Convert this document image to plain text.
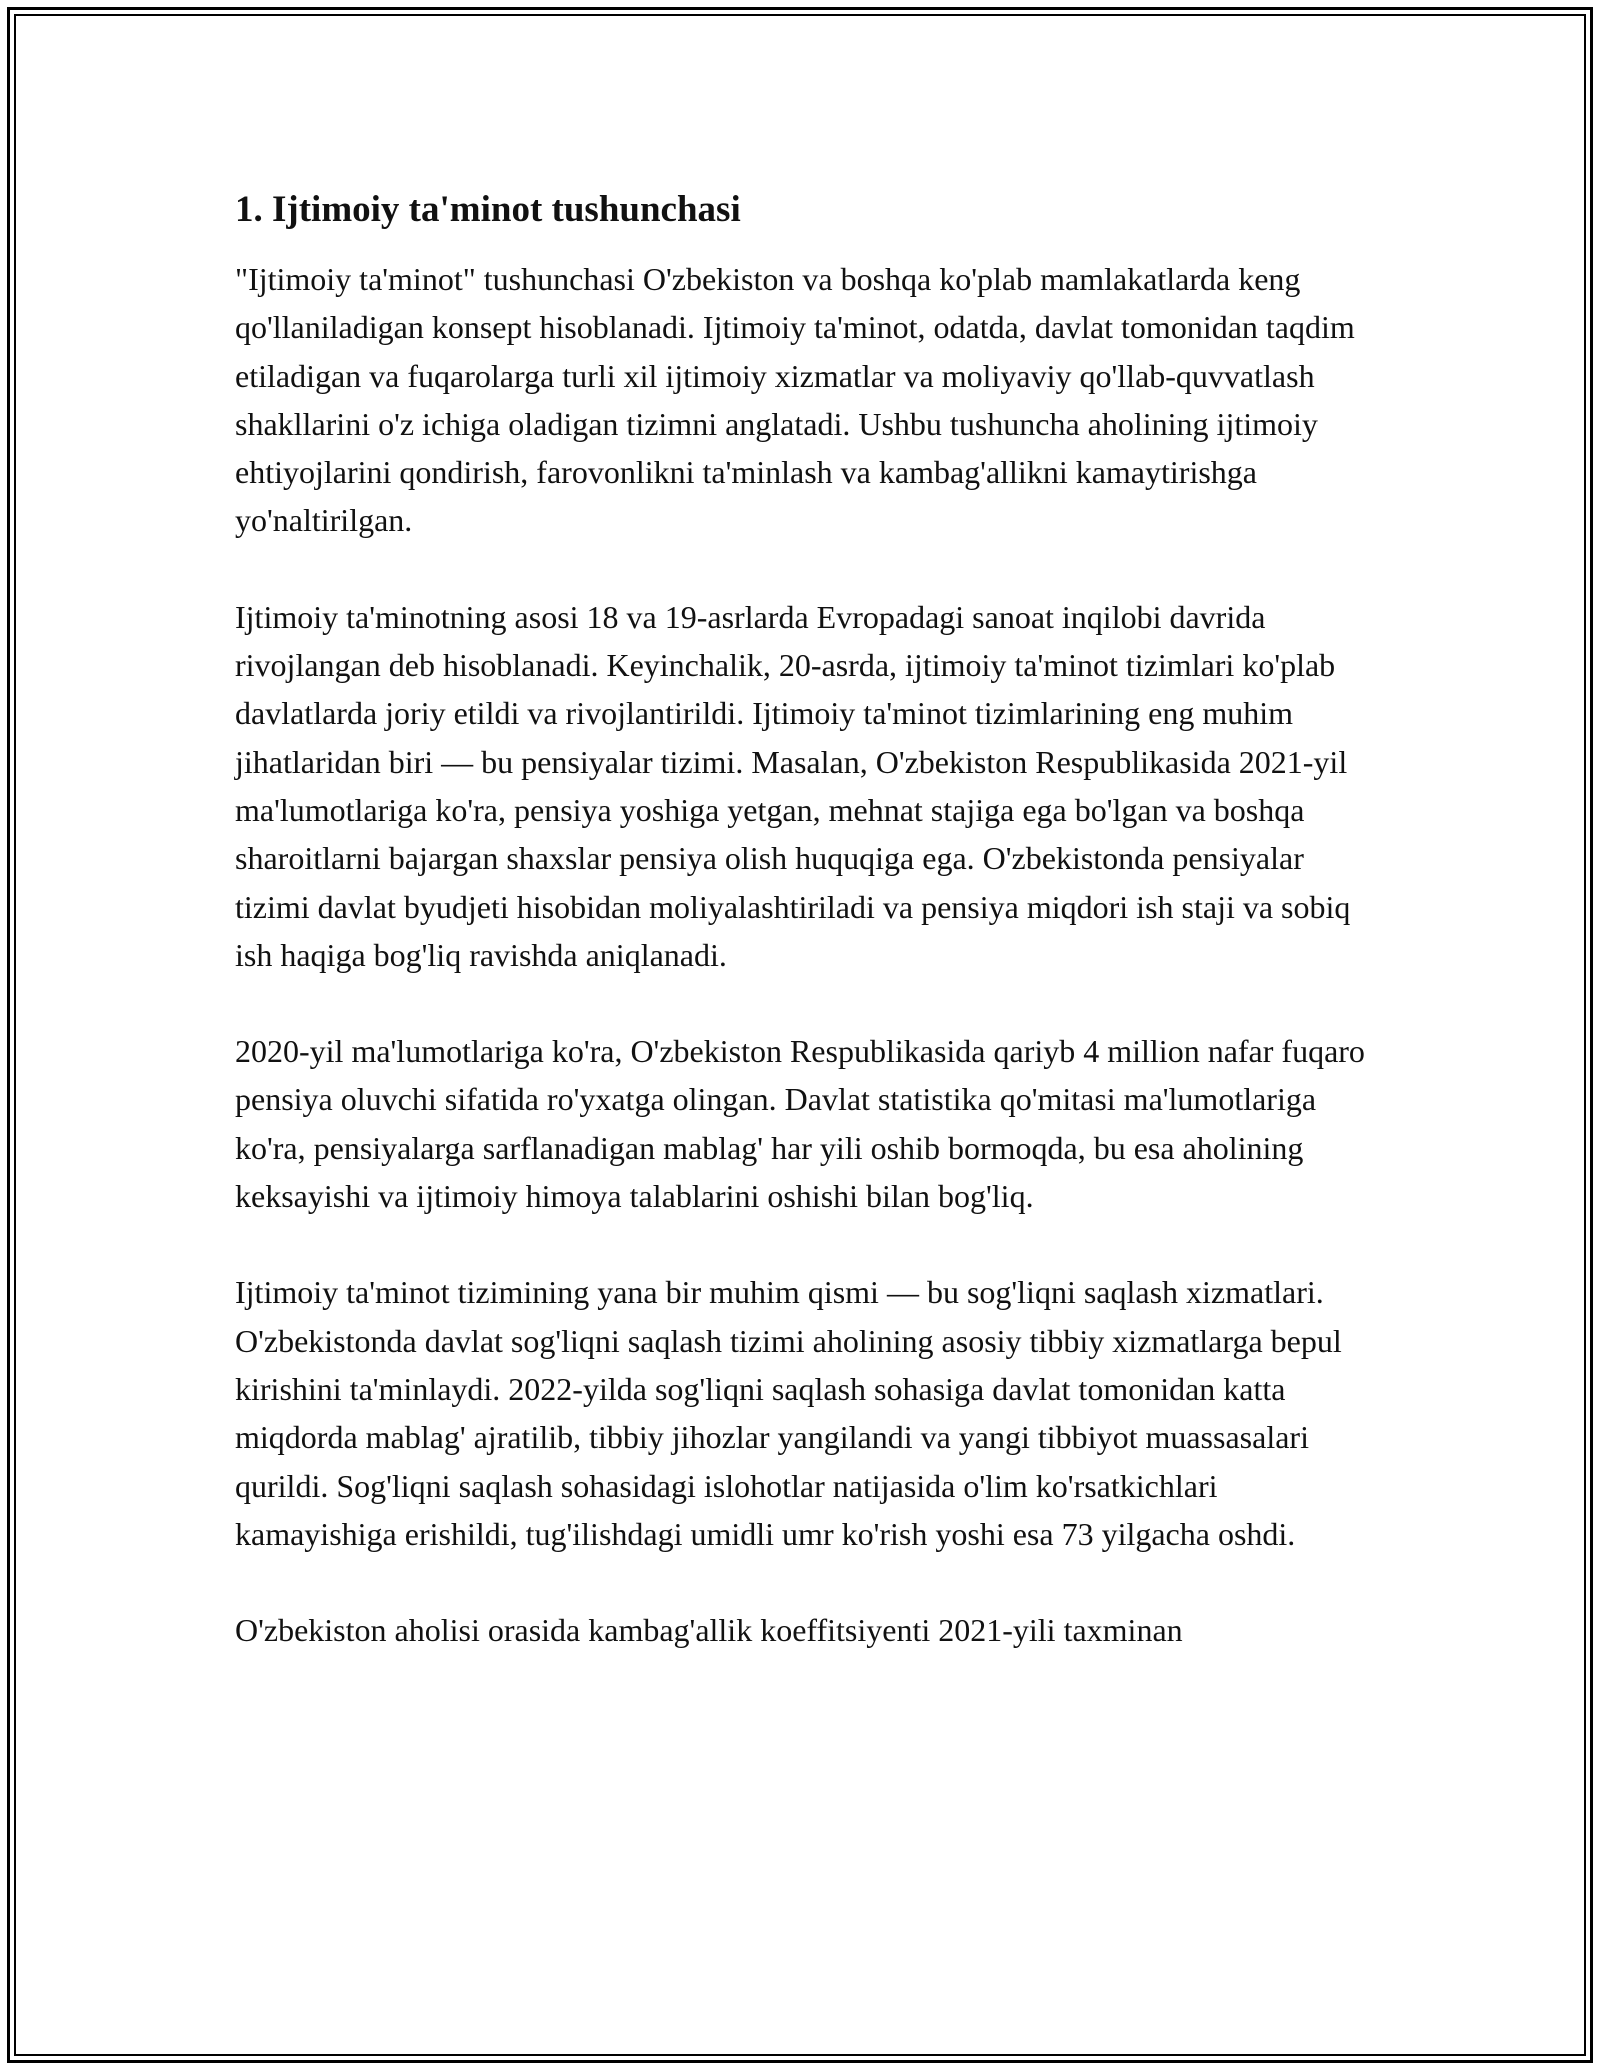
1. Ijtimoiy ta'minot tushunchasi

"Ijtimoiy ta'minot" tushunchasi O'zbekiston va boshqa ko'plab mamlakatlarda keng qo'llaniladigan konsept hisoblanadi. Ijtimoiy ta'minot, odatda, davlat tomonidan taqdim etiladigan va fuqarolarga turli xil ijtimoiy xizmatlar va moliyaviy qo'llab-quvvatlash shakllarini o'z ichiga oladigan tizimni anglatadi. Ushbu tushuncha aholining ijtimoiy ehtiyojlarini qondirish, farovonlikni ta'minlash va kambag'allikni kamaytirishga yo'naltirilgan.

Ijtimoiy ta'minotning asosi 18 va 19-asrlarda Evropadagi sanoat inqilobi davrida rivojlangan deb hisoblanadi. Keyinchalik, 20-asrda, ijtimoiy ta'minot tizimlari ko'plab davlatlarda joriy etildi va rivojlantirildi. Ijtimoiy ta'minot tizimlarining eng muhim jihatlaridan biri — bu pensiyalar tizimi. Masalan, O'zbekiston Respublikasida 2021-yil ma'lumotlariga ko'ra, pensiya yoshiga yetgan, mehnat stajiga ega bo'lgan va boshqa sharoitlarni bajargan shaxslar pensiya olish huquqiga ega. O'zbekistonda pensiyalar tizimi davlat byudjeti hisobidan moliyalashtiriladi va pensiya miqdori ish staji va sobiq ish haqiga bog'liq ravishda aniqlanadi.

2020-yil ma'lumotlariga ko'ra, O'zbekiston Respublikasida qariyb 4 million nafar fuqaro pensiya oluvchi sifatida ro'yxatga olingan. Davlat statistika qo'mitasi ma'lumotlariga ko'ra, pensiyalarga sarflanadigan mablag' har yili oshib bormoqda, bu esa aholining keksayishi va ijtimoiy himoya talablarini oshishi bilan bog'liq.

Ijtimoiy ta'minot tizimining yana bir muhim qismi — bu sog'liqni saqlash xizmatlari. O'zbekistonda davlat sog'liqni saqlash tizimi aholining asosiy tibbiy xizmatlarga bepul kirishini ta'minlaydi. 2022-yilda sog'liqni saqlash sohasiga davlat tomonidan katta miqdorda mablag' ajratilib, tibbiy jihozlar yangilandi va yangi tibbiyot muassasalari qurildi. Sog'liqni saqlash sohasidagi islohotlar natijasida o'lim ko'rsatkichlari kamayishiga erishildi, tug'ilishdagi umidli umr ko'rish yoshi esa 73 yilgacha oshdi.

O'zbekiston aholisi orasida kambag'allik koeffitsiyenti 2021-yili taxminan
